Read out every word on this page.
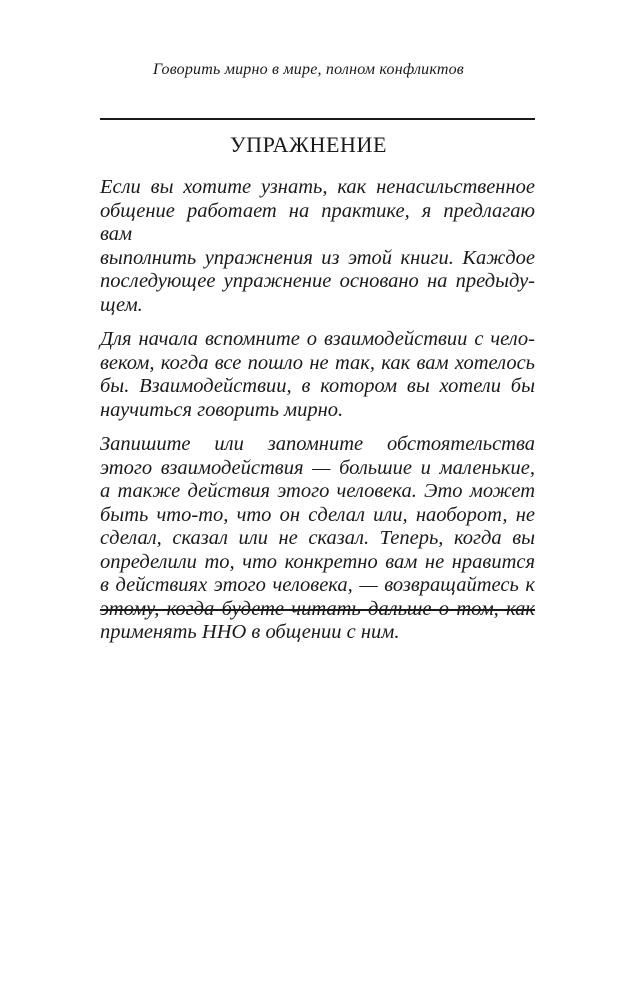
Говорить мирно в мире, полном конфликтов
УПРАЖНЕНИЕ

Если вы хотите узнать, как ненасильственное
общение работает на практике, я предлагаю вам
выполнить упражнения из этой книги. Каждое
последующее упражнение основано на предыду-
щем.

Для начала вспомните о взаимодействии с чело-
веком, когда все пошло не так, как вам хотелось
бы. Взаимодействии, в котором вы хотели бы
научиться говорить мирно.

Запишите или запомните обстоятельства
этого взаимодействия — большие и маленькие,
а также действия этого человека. Это может
быть что-то, что он сделал или, наоборот, не
сделал, сказал или не сказал. Теперь, когда вы
определили то, что конкретно вам не нравится
в действиях этого человека, — возвращайтесь к
этому, когда будете читать дальше о том, как
применять ННО в общении с ним.
